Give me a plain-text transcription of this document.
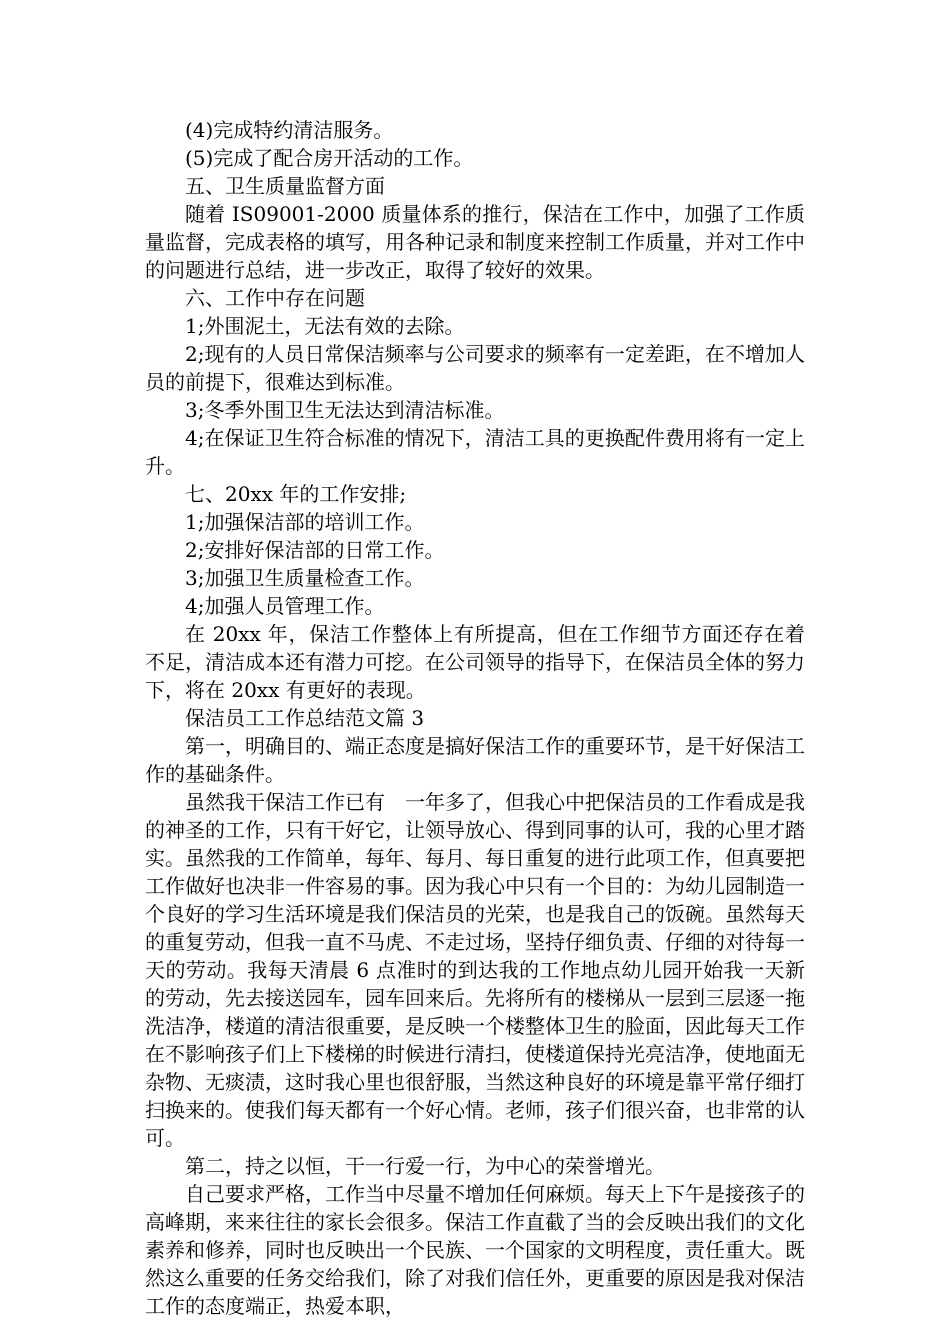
(4)完成特约清洁服务。

(5)完成了配合房开活动的工作。

五、卫生质量监督方面

随着 IS09001-2000 质量体系的推行，保洁在工作中，加强了工作质量监督，完成表格的填写，用各种记录和制度来控制工作质量，并对工作中的问题进行总结，进一步改正，取得了较好的效果。

六、工作中存在问题

1;外围泥土，无法有效的去除。

2;现有的人员日常保洁频率与公司要求的频率有一定差距，在不增加人员的前提下，很难达到标准。

3;冬季外围卫生无法达到清洁标准。

4;在保证卫生符合标准的情况下，清洁工具的更换配件费用将有一定上升。

七、20xx 年的工作安排;

1;加强保洁部的培训工作。

2;安排好保洁部的日常工作。

3;加强卫生质量检查工作。

4;加强人员管理工作。

在 20xx 年，保洁工作整体上有所提高，但在工作细节方面还存在着不足，清洁成本还有潜力可挖。在公司领导的指导下，在保洁员全体的努力下，将在 20xx 有更好的表现。

保洁员工工作总结范文篇 3

第一，明确目的、端正态度是搞好保洁工作的重要环节，是干好保洁工作的基础条件。

虽然我干保洁工作已有　一年多了，但我心中把保洁员的工作看成是我的神圣的工作，只有干好它，让领导放心、得到同事的认可，我的心里才踏实。虽然我的工作简单，每年、每月、每日重复的进行此项工作，但真要把工作做好也决非一件容易的事。因为我心中只有一个目的：为幼儿园制造一个良好的学习生活环境是我们保洁员的光荣，也是我自己的饭碗。虽然每天的重复劳动，但我一直不马虎、不走过场，坚持仔细负责、仔细的对待每一天的劳动。我每天清晨 6 点准时的到达我的工作地点幼儿园开始我一天新的劳动，先去接送园车，园车回来后。先将所有的楼梯从一层到三层逐一拖洗洁净，楼道的清洁很重要，是反映一个楼整体卫生的脸面，因此每天工作在不影响孩子们上下楼梯的时候进行清扫，使楼道保持光亮洁净，使地面无杂物、无痰渍，这时我心里也很舒服，当然这种良好的环境是靠平常仔细打扫换来的。使我们每天都有一个好心情。老师，孩子们很兴奋，也非常的认可。

第二，持之以恒，干一行爱一行，为中心的荣誉增光。

自己要求严格，工作当中尽量不增加任何麻烦。每天上下午是接孩子的高峰期，来来往往的家长会很多。保洁工作直截了当的会反映出我们的文化素养和修养，同时也反映出一个民族、一个国家的文明程度，责任重大。既然这么重要的任务交给我们，除了对我们信任外，更重要的原因是我对保洁工作的态度端正，热爱本职，
